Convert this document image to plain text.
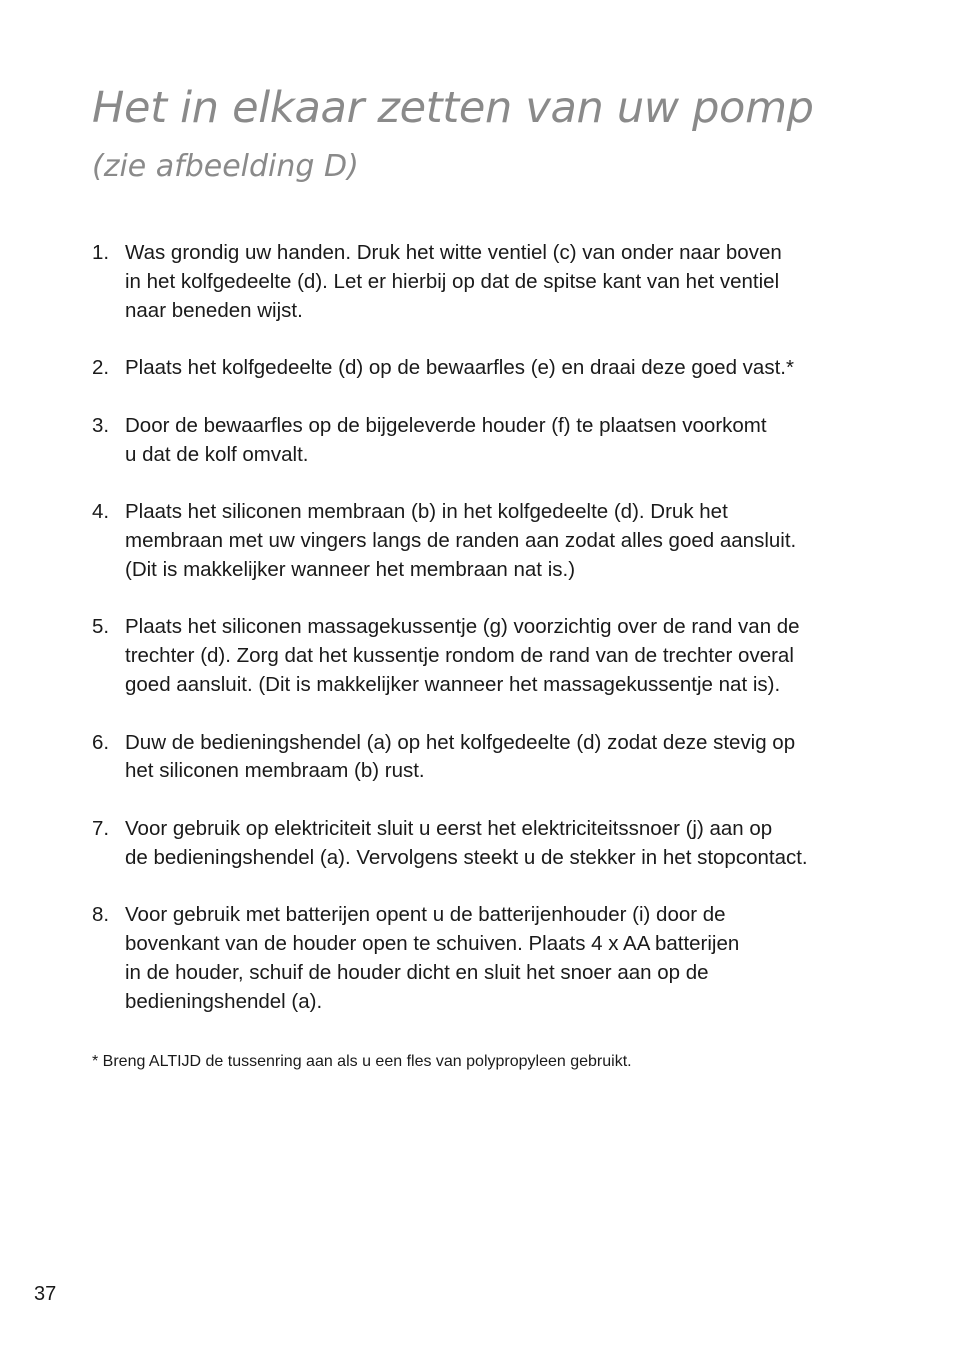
Het in elkaar zetten van uw pomp
(zie afbeelding D)
1. Was grondig uw handen. Druk het witte ventiel (c) van onder naar boven
in het kolfgedeelte (d). Let er hierbij op dat de spitse kant van het ventiel
naar beneden wijst.
2. Plaats het kolfgedeelte (d) op de bewaarfles (e) en draai deze goed vast.*
3. Door de bewaarfles op de bijgeleverde houder (f) te plaatsen voorkomt
u dat de kolf omvalt.
4. Plaats het siliconen membraan (b) in het kolfgedeelte (d). Druk het
membraan met uw vingers langs de randen aan zodat alles goed aansluit.
(Dit is makkelijker wanneer het membraan nat is.)
5. Plaats het siliconen massagekussentje (g) voorzichtig over de rand van de
trechter (d). Zorg dat het kussentje rondom de rand van de trechter overal
goed aansluit. (Dit is makkelijker wanneer het massagekussentje nat is).
6. Duw de bedieningshendel (a) op het kolfgedeelte (d) zodat deze stevig op
het siliconen membraam (b) rust.
7. Voor gebruik op elektriciteit sluit u eerst het elektriciteitssnoer (j) aan op
de bedieningshendel (a). Vervolgens steekt u de stekker in het stopcontact.
8. Voor gebruik met batterijen opent u de batterijenhouder (i) door de
bovenkant van de houder open te schuiven. Plaats 4 x AA batterijen
in de houder, schuif de houder dicht en sluit het snoer aan op de
bedieningshendel (a).

* Breng ALTIJD de tussenring aan als u een fles van polypropyleen gebruikt.

37
